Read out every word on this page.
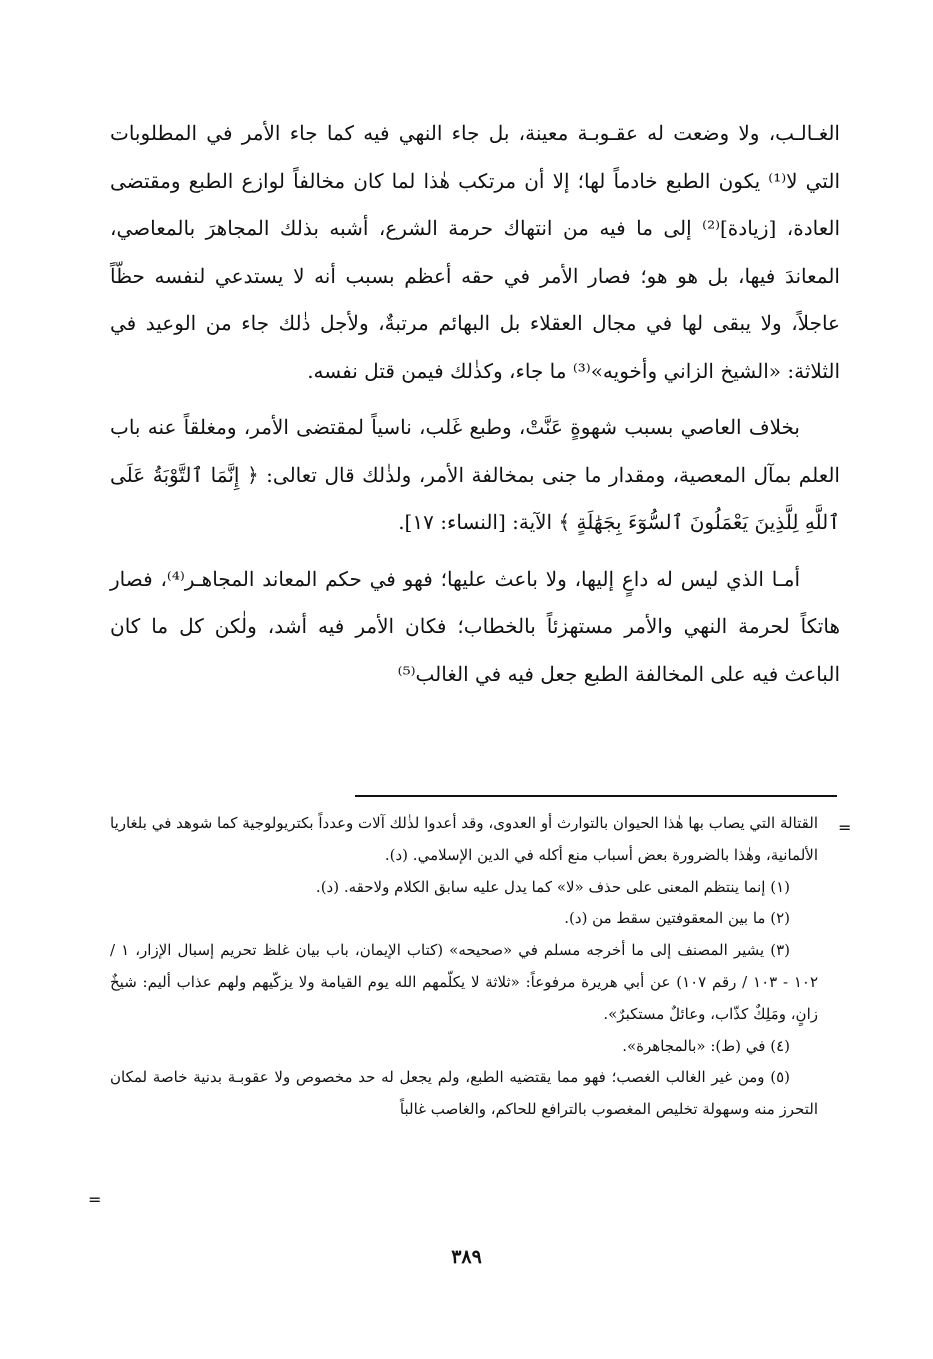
الغـالـب، ولا وضعت له عقـوبـة معينة، بل جاء النهي فيه كما جاء الأمر في المطلوبات التي لا⁽¹⁾ يكون الطبع خادماً لها؛ إلا أن مرتكب هٰذا لما كان مخالفاً لوازع الطبع ومقتضى العادة، [زيادة]⁽²⁾ إلى ما فيه من انتهاك حرمة الشرع، أشبه بذلك المجاهرَ بالمعاصي، المعاندَ فيها، بل هو هو؛ فصار الأمر في حقه أعظم بسبب أنه لا يستدعي لنفسه حظّاً عاجلاً، ولا يبقى لها في مجال العقلاء بل البهائم مرتبةٌ، ولأجل ذٰلك جاء من الوعيد في الثلاثة: «الشيخ الزاني وأخويه»⁽³⁾ ما جاء، وكذٰلك فيمن قتل نفسه.

بخلاف العاصي بسبب شهوةٍ عَنَّتْ، وطبع غَلب، ناسياً لمقتضى الأمر، ومغلقاً عنه باب العلم بمآل المعصية، ومقدار ما جنى بمخالفة الأمر، ولذٰلك قال تعالى: ﴿ إِنَّمَا ٱلتَّوْبَةُ عَلَى ٱللَّهِ لِلَّذِينَ يَعْمَلُونَ ٱلسُّوٓءَ بِجَهَٰلَةٍ ﴾ الآية: [النساء: ١٧].

أمـا الذي ليس له داعٍ إليها، ولا باعث عليها؛ فهو في حكم المعاند المجاهـر⁽⁴⁾، فصار هاتكاً لحرمة النهي والأمر مستهزئاً بالخطاب؛ فكان الأمر فيه أشد، ولٰكن كل ما كان الباعث فيه على المخالفة الطبع جعل فيه في الغالب⁽⁵⁾

=

القتالة التي يصاب بها هٰذا الحيوان بالتوارث أو العدوى، وقد أعدوا لذٰلك آلات وعدداً بكتريولوجية كما شوهد في بلغاريا الألمانية، وهٰذا بالضرورة بعض أسباب منع أكله في الدين الإسلامي. (د).

(١) إنما ينتظم المعنى على حذف «لا» كما يدل عليه سابق الكلام ولاحقه. (د).

(٢) ما بين المعقوفتين سقط من (د).

(٣) يشير المصنف إلى ما أخرجه مسلم في «صحيحه» (كتاب الإيمان، باب بيان غلظ تحريم إسبال الإزار، ١ / ١٠٢ - ١٠٣ / رقم ١٠٧) عن أبي هريرة مرفوعاً: «ثلاثة لا يكلّمهم الله يوم القيامة ولا يزكّيهم ولهم عذاب أليم: شيخٌ زانٍ، ومَلِكٌ كذّاب، وعائلٌ مستكبرٌ».

(٤) في (ط): «بالمجاهرة».

(٥) ومن غير الغالب الغصب؛ فهو مما يقتضيه الطبع، ولم يجعل له حد مخصوص ولا عقوبـة بدنية خاصة لمكان التحرز منه وسهولة تخليص المغصوب بالترافع للحاكم، والغاصب غالباً

=
٣٨٩
